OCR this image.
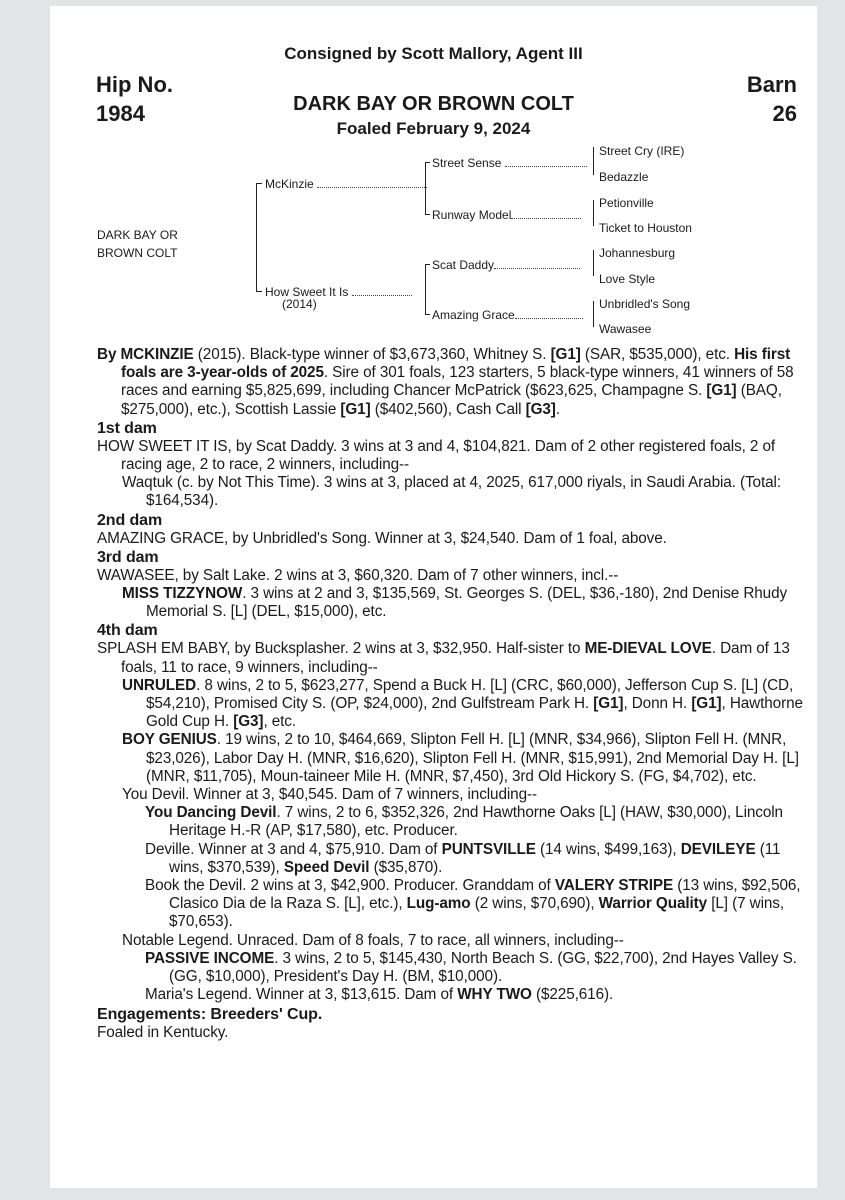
Consigned by Scott Mallory, Agent III
Hip No.
1984
Barn
26
DARK BAY OR BROWN COLT
Foaled February 9, 2024
DARK BAY OR
BROWN COLT
McKinzie
How Sweet It Is
(2014)
Street Sense
Runway Model
Scat Daddy
Amazing Grace
Street Cry (IRE)
Bedazzle
Petionville
Ticket to Houston
Johannesburg
Love Style
Unbridled's Song
Wawasee

By MCKINZIE (2015). Black-type winner of $3,673,360, Whitney S. [G1] (SAR, $535,000), etc. His first foals are 3-year-olds of 2025. Sire of 301 foals, 123 starters, 5 black-type winners, 41 winners of 58 races and earning $5,825,699, including Chancer McPatrick ($623,625, Champagne S. [G1] (BAQ, $275,000), etc.), Scottish Lassie [G1] ($402,560), Cash Call [G3].

1st dam

HOW SWEET IT IS, by Scat Daddy. 3 wins at 3 and 4, $104,821. Dam of 2 other registered foals, 2 of racing age, 2 to race, 2 winners, including--

Waqtuk (c. by Not This Time). 3 wins at 3, placed at 4, 2025, 617,000 riyals, in Saudi Arabia. (Total: $164,534).

2nd dam

AMAZING GRACE, by Unbridled's Song. Winner at 3, $24,540. Dam of 1 foal, above.

3rd dam

WAWASEE, by Salt Lake. 2 wins at 3, $60,320. Dam of 7 other winners, incl.--

MISS TIZZYNOW. 3 wins at 2 and 3, $135,569, St. Georges S. (DEL, $36,-180), 2nd Denise Rhudy Memorial S. [L] (DEL, $15,000), etc.

4th dam

SPLASH EM BABY, by Bucksplasher. 2 wins at 3, $32,950. Half-sister to ME-DIEVAL LOVE. Dam of 13 foals, 11 to race, 9 winners, including--

UNRULED. 8 wins, 2 to 5, $623,277, Spend a Buck H. [L] (CRC, $60,000), Jefferson Cup S. [L] (CD, $54,210), Promised City S. (OP, $24,000), 2nd Gulfstream Park H. [G1], Donn H. [G1], Hawthorne Gold Cup H. [G3], etc.

BOY GENIUS. 19 wins, 2 to 10, $464,669, Slipton Fell H. [L] (MNR, $34,966), Slipton Fell H. (MNR, $23,026), Labor Day H. (MNR, $16,620), Slipton Fell H. (MNR, $15,991), 2nd Memorial Day H. [L] (MNR, $11,705), Moun-taineer Mile H. (MNR, $7,450), 3rd Old Hickory S. (FG, $4,702), etc.

You Devil. Winner at 3, $40,545. Dam of 7 winners, including--

You Dancing Devil. 7 wins, 2 to 6, $352,326, 2nd Hawthorne Oaks [L] (HAW, $30,000), Lincoln Heritage H.-R (AP, $17,580), etc. Producer.

Deville. Winner at 3 and 4, $75,910. Dam of PUNTSVILLE (14 wins, $499,163), DEVILEYE (11 wins, $370,539), Speed Devil ($35,870).

Book the Devil. 2 wins at 3, $42,900. Producer. Granddam of VALERY STRIPE (13 wins, $92,506, Clasico Dia de la Raza S. [L], etc.), Lug-amo (2 wins, $70,690), Warrior Quality [L] (7 wins, $70,653).

Notable Legend. Unraced. Dam of 8 foals, 7 to race, all winners, including--

PASSIVE INCOME. 3 wins, 2 to 5, $145,430, North Beach S. (GG, $22,700), 2nd Hayes Valley S. (GG, $10,000), President's Day H. (BM, $10,000).

Maria's Legend. Winner at 3, $13,615. Dam of WHY TWO ($225,616).

Engagements: Breeders' Cup.

Foaled in Kentucky.
